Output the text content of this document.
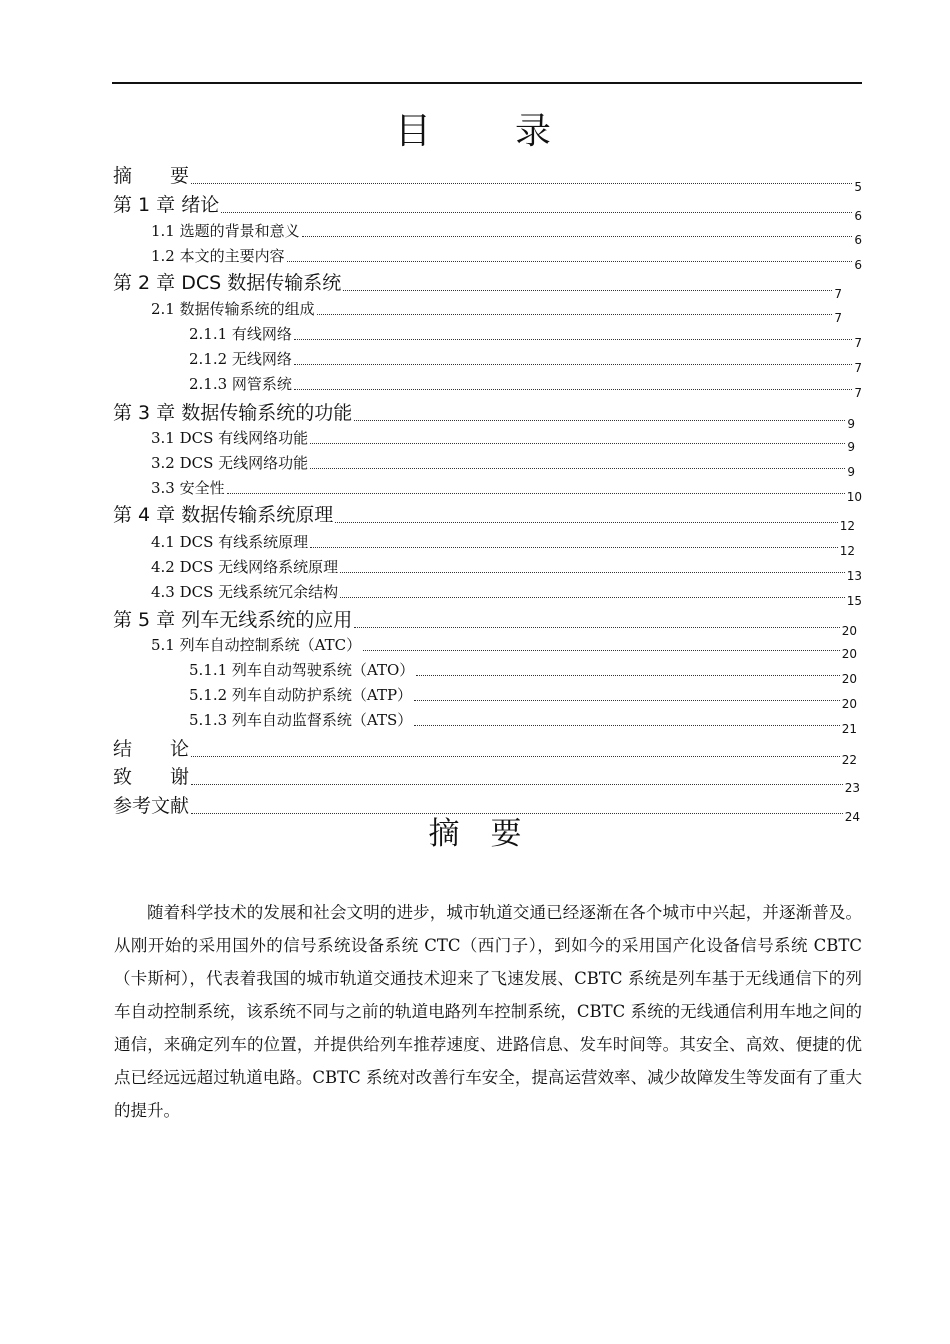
目　　录
摘　　要	5
第 1 章 绪论	6
1.1 选题的背景和意义	6
1.2 本文的主要内容	6
第 2 章 DCS 数据传输系统	7
2.1 数据传输系统的组成	7
2.1.1 有线网络	7
2.1.2 无线网络	7
2.1.3 网管系统	7
第 3 章 数据传输系统的功能	9
3.1 DCS 有线网络功能	9
3.2 DCS 无线网络功能	9
3.3 安全性	10
第 4 章 数据传输系统原理	12
4.1 DCS 有线系统原理	12
4.2 DCS 无线网络系统原理	13
4.3 DCS 无线系统冗余结构	15
第 5 章 列车无线系统的应用	20
5.1 列车自动控制系统（ATC）	20
5.1.1 列车自动驾驶系统（ATO）	20
5.1.2 列车自动防护系统（ATP）	20
5.1.3 列车自动监督系统（ATS）	21
结　　论	22
致　　谢	23
参考文献	24
摘　要

随着科学技术的发展和社会文明的进步，城市轨道交通已经逐渐在各个城市中兴起，并逐渐普及。从刚开始的采用国外的信号系统设备系统 CTC（西门子），到如今的采用国产化设备信号系统 CBTC（卡斯柯），代表着我国的城市轨道交通技术迎来了飞速发展、CBTC 系统是列车基于无线通信下的列车自动控制系统，该系统不同与之前的轨道电路列车控制系统，CBTC 系统的无线通信利用车地之间的通信，来确定列车的位置，并提供给列车推荐速度、进路信息、发车时间等。其安全、高效、便捷的优点已经远远超过轨道电路。CBTC 系统对改善行车安全，提高运营效率、减少故障发生等发面有了重大的提升。
